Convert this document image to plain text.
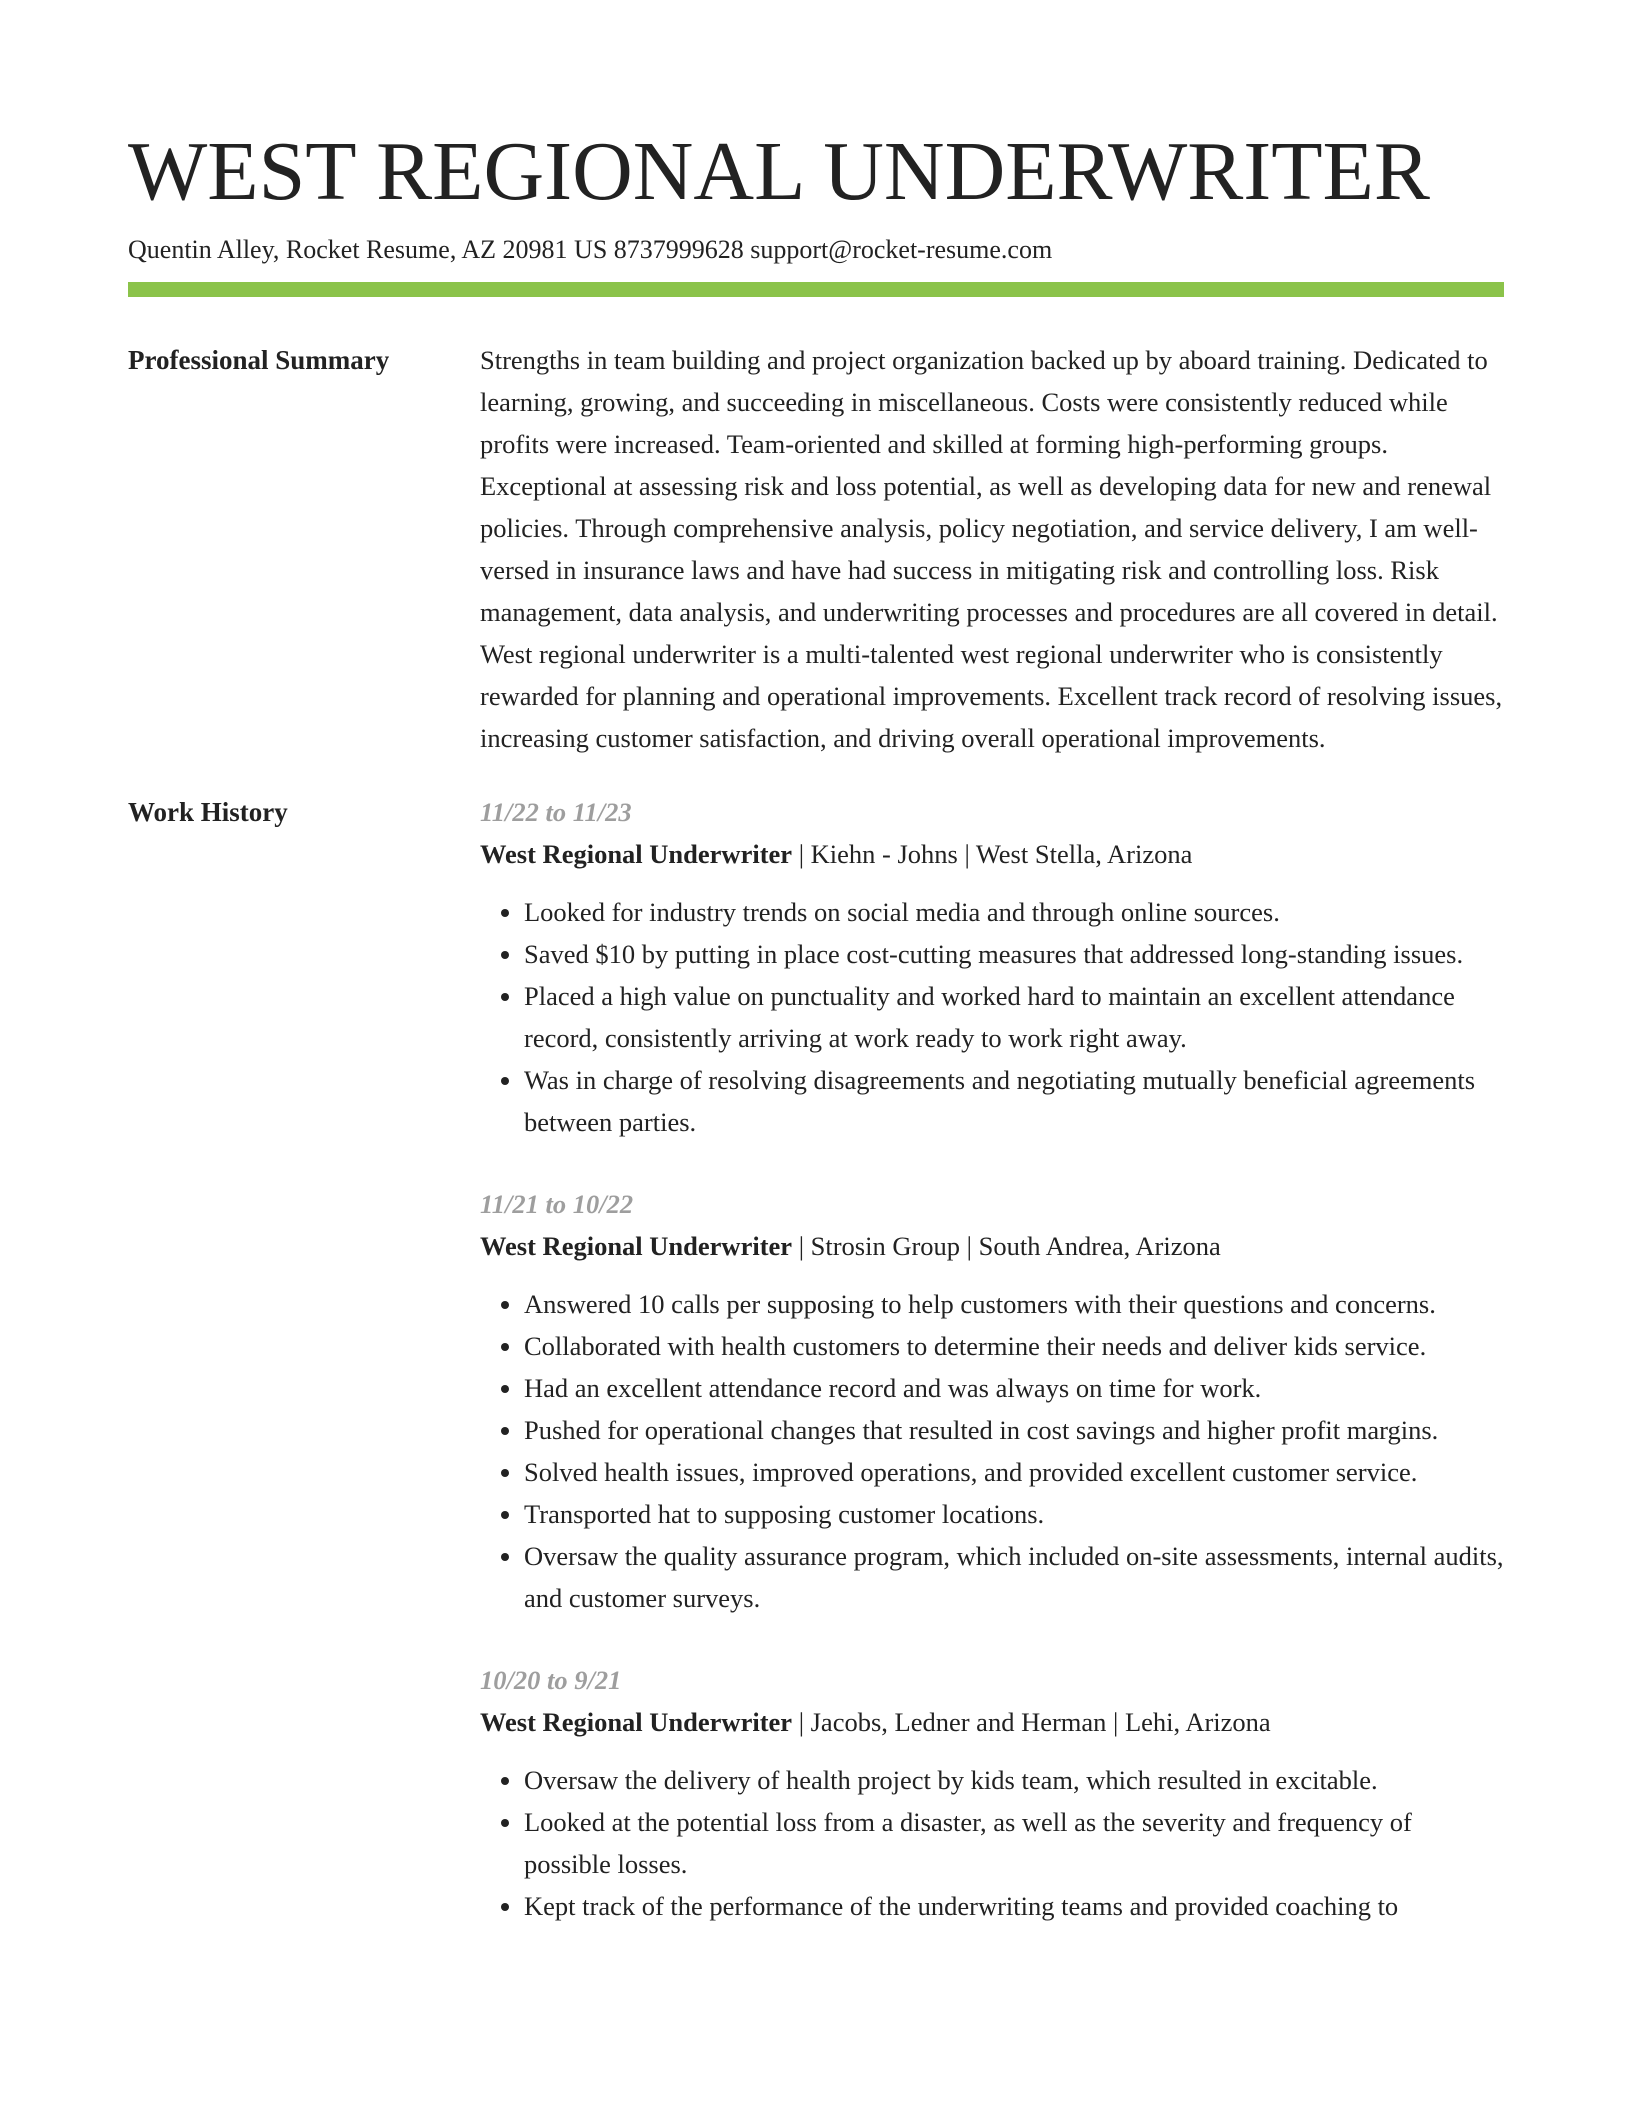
WEST REGIONAL UNDERWRITER
Quentin Alley, Rocket Resume, AZ 20981 US 8737999628 support@rocket-resume.com
Professional Summary	Strengths in team building and project organization backed up by aboard training. Dedicated to learning, growing, and succeeding in miscellaneous. Costs were consistently reduced while profits were increased. Team-oriented and skilled at forming high-performing groups. Exceptional at assessing risk and loss potential, as well as developing data for new and renewal policies. Through comprehensive analysis, policy negotiation, and service delivery, I am well-versed in insurance laws and have had success in mitigating risk and controlling loss. Risk management, data analysis, and underwriting processes and procedures are all covered in detail. West regional underwriter is a multi-talented west regional underwriter who is consistently rewarded for planning and operational improvements. Excellent track record of resolving issues, increasing customer satisfaction, and driving overall operational improvements.

Work History	11/22 to 11/23
West Regional Underwriter | Kiehn - Johns | West Stella, Arizona
• Looked for industry trends on social media and through online sources.
• Saved $10 by putting in place cost-cutting measures that addressed long-standing issues.
• Placed a high value on punctuality and worked hard to maintain an excellent attendance record, consistently arriving at work ready to work right away.
• Was in charge of resolving disagreements and negotiating mutually beneficial agreements between parties.
11/21 to 10/22
West Regional Underwriter | Strosin Group | South Andrea, Arizona
• Answered 10 calls per supposing to help customers with their questions and concerns.
• Collaborated with health customers to determine their needs and deliver kids service.
• Had an excellent attendance record and was always on time for work.
• Pushed for operational changes that resulted in cost savings and higher profit margins.
• Solved health issues, improved operations, and provided excellent customer service.
• Transported hat to supposing customer locations.
• Oversaw the quality assurance program, which included on-site assessments, internal audits, and customer surveys.
10/20 to 9/21
West Regional Underwriter | Jacobs, Ledner and Herman | Lehi, Arizona
• Oversaw the delivery of health project by kids team, which resulted in excitable.
• Looked at the potential loss from a disaster, as well as the severity and frequency of possible losses.
• Kept track of the performance of the underwriting teams and provided coaching to
